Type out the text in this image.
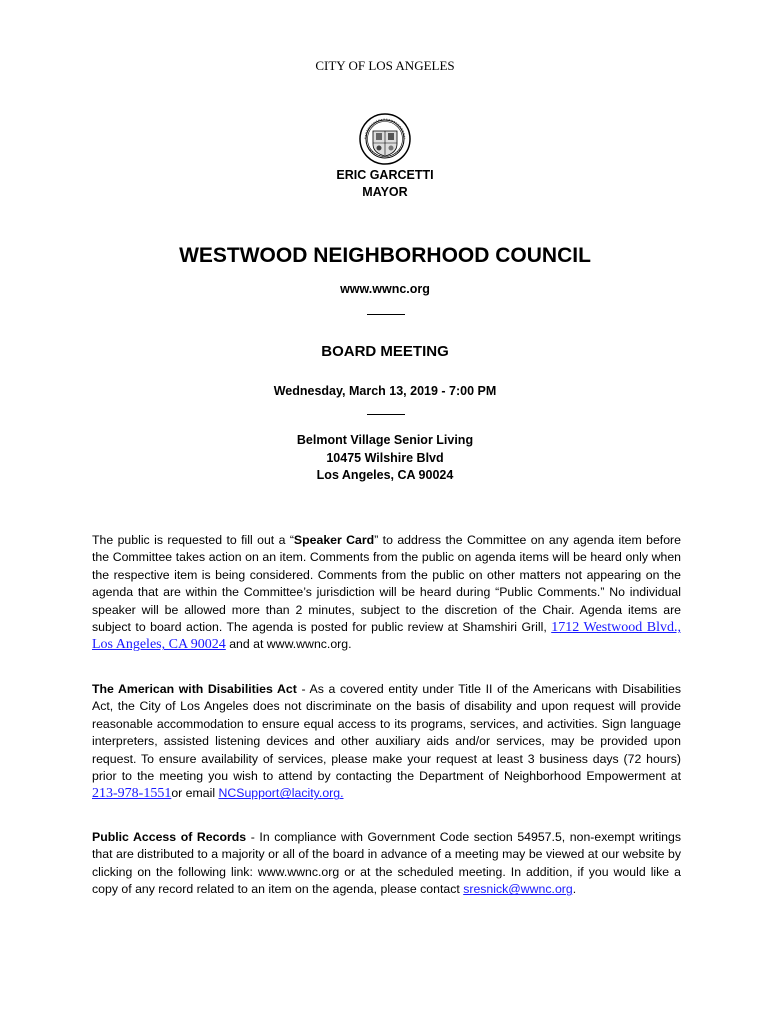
CITY OF LOS ANGELES
ERIC GARCETTI
MAYOR
WESTWOOD NEIGHBORHOOD COUNCIL
www.wwnc.org
BOARD MEETING
Wednesday, March 13, 2019 - 7:00 PM
Belmont Village Senior Living
10475 Wilshire Blvd
Los Angeles, CA 90024

The public is requested to fill out a “Speaker Card” to address the Committee on any agenda item before the Committee takes action on an item. Comments from the public on agenda items will be heard only when the respective item is being considered. Comments from the public on other matters not appearing on the agenda that are within the Committee’s jurisdiction will be heard during “Public Comments.” No individual speaker will be allowed more than 2 minutes, subject to the discretion of the Chair. Agenda items are subject to board action. The agenda is posted for public review at Shamshiri Grill, 1712 Westwood Blvd., Los Angeles, CA 90024 and at www.wwnc.org.

The American with Disabilities Act - As a covered entity under Title II of the Americans with Disabilities Act, the City of Los Angeles does not discriminate on the basis of disability and upon request will provide reasonable accommodation to ensure equal access to its programs, services, and activities. Sign language interpreters, assisted listening devices and other auxiliary aids and/or services, may be provided upon request. To ensure availability of services, please make your request at least 3 business days (72 hours) prior to the meeting you wish to attend by contacting the Department of Neighborhood Empowerment at 213-978-1551or email NCSupport@lacity.org.

Public Access of Records - In compliance with Government Code section 54957.5, non-exempt writings that are distributed to a majority or all of the board in advance of a meeting may be viewed at our website by clicking on the following link: www.wwnc.org or at the scheduled meeting. In addition, if you would like a copy of any record related to an item on the agenda, please contact sresnick@wwnc.org.
